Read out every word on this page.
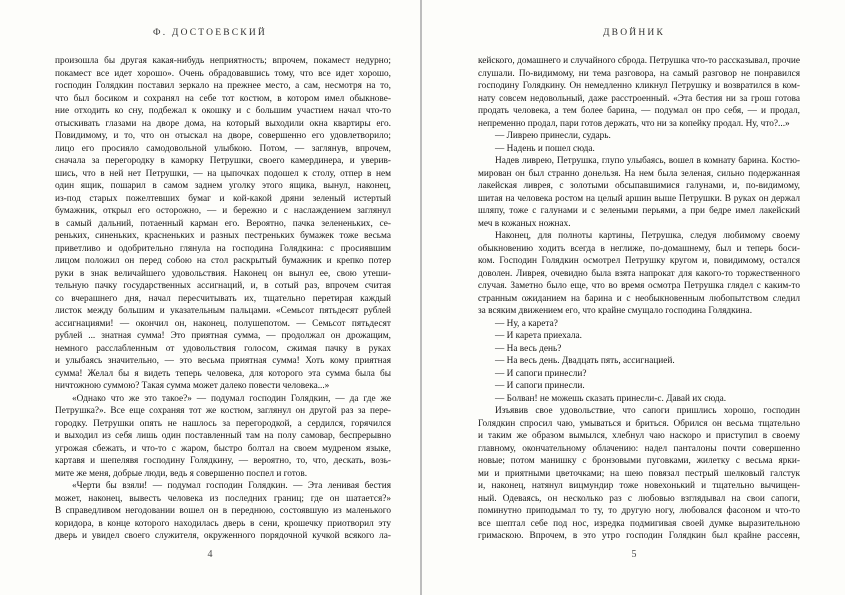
Ф. ДОСТОЕВСКИЙ
произошла бы другая какая-нибудь неприятность; впрочем, покамест недурно;
покамест все идет хорошо». Очень обрадовавшись тому, что все идет хорошо,
господин Голядкин поставил зеркало на прежнее место, а сам, несмотря на то,
что был босиком и сохранял на себе тот костюм, в котором имел обыкнове-
ние отходить ко сну, подбежал к окошку и с большим участием начал что-то
отыскивать глазами на дворе дома, на который выходили окна квартиры его.
Повидимому, и то, что он отыскал на дворе, совершенно его удовлетворило;
лицо его просияло самодовольной улыбкою. Потом, — заглянув, впрочем,
сначала за перегородку в каморку Петрушки, своего камердинера, и уверив-
шись, что в ней нет Петрушки, — на цыпочках подошел к столу, отпер в нем
один ящик, пошарил в самом заднем уголку этого ящика, вынул, наконец,
из-под старых пожелтевших бумаг и кой-какой дряни зеленый истертый
бумажник, открыл его осторожно, — и бережно и с наслаждением заглянул
в самый дальний, потаенный карман его. Вероятно, пачка зелененьких, се-
реньких, синеньких, красненьких и разных пестреньких бумажек тоже весьма
приветливо и одобрительно глянула на господина Голядкина: с просиявшим
лицом положил он перед собою на стол раскрытый бумажник и крепко потер
руки в знак величайшего удовольствия. Наконец он вынул ее, свою утеши-
тельную пачку государственных ассигнаций, и, в сотый раз, впрочем считая
со вчерашнего дня, начал пересчитывать их, тщательно перетирая каждый
листок между большим и указательным пальцами. «Семьсот пятьдесят рублей
ассигнациями! — окончил он, наконец, полушепотом. — Семьсот пятьдесят
рублей ... знатная сумма! Это приятная сумма, — продолжал он дрожащим,
немного расслабленным от удовольствия голосом, сжимая пачку в руках
и улыбаясь значительно, — это весьма приятная сумма! Хоть кому приятная
сумма! Желал бы я видеть теперь человека, для которого эта сумма была бы
ничтожною суммою? Такая сумма может далеко повести человека...»
«Однако что же это такое?» — подумал господин Голядкин, — да где же
Петрушка?». Все еще сохраняя тот же костюм, заглянул он другой раз за пере-
городку. Петрушки опять не нашлось за перегородкой, а сердился, горячился
и выходил из себя лишь один поставленный там на полу самовар, беспрерывно
угрожая сбежать, и что-то с жаром, быстро болтал на своем мудреном языке,
картавя и шепелявя господину Голядкину, — вероятно, то, что, дескать, возь-
мите же меня, добрые люди, ведь я совершенно поспел и готов.
«Черти бы взяли! — подумал господин Голядкин. — Эта ленивая бестия
может, наконец, вывесть человека из последних границ; где он шатается?»
В справедливом негодовании вошел он в переднюю, состоявшую из маленького
коридора, в конце которого находилась дверь в сени, крошечку приотворил эту
дверь и увидел своего служителя, окруженного порядочной кучкой всякого ла-
4
ДВОЙНИК
кейского, домашнего и случайного сброда. Петрушка что-то рассказывал, прочие
слушали. По-видимому, ни тема разговора, на самый разговор не понравился
господину Голядкину. Он немедленно кликнул Петрушку и возвратился в ком-
нату совсем недовольный, даже расстроенный. «Эта бестия ни за грош готова
продать человека, а тем более барина, — подумал он про себя, — и продал,
непременно продал, пари готов держать, что ни за копейку продал. Ну, что?...»
— Ливрею принесли, сударь.
— Надень и пошел сюда.
Надев ливрею, Петрушка, глупо улыбаясь, вошел в комнату барина. Костю-
мирован он был странно донельзя. На нем была зеленая, сильно подержанная
лакейская ливрея, с золотыми обсыпавшимися галунами, и, по-видимому,
шитая на человека ростом на целый аршин выше Петрушки. В руках он держал
шляпу, тоже с галунами и с зелеными перьями, а при бедре имел лакейский
меч в кожаных ножнах.
Наконец, для полноты картины, Петрушка, следуя любимому своему
обыкновению ходить всегда в неглиже, по-домашнему, был и теперь боси-
ком. Господин Голядкин осмотрел Петрушку кругом и, повидимому, остался
доволен. Ливрея, очевидно была взята напрокат для какого-то торжественного
случая. Заметно было еще, что во время осмотра Петрушка глядел с каким-то
странным ожиданием на барина и с необыкновенным любопытством следил
за всяким движением его, что крайне смущало господина Голядкина.
— Ну, а карета?
— И карета приехала.
— На весь день?
— На весь день. Двадцать пять, ассигнацией.
— И сапоги принесли?
— И сапоги принесли.
— Болван! не можешь сказать принесли-с. Давай их сюда.
Изъявив свое удовольствие, что сапоги пришлись хорошо, господин
Голядкин спросил чаю, умываться и бриться. Обрился он весьма тщательно
и таким же образом вымылся, хлебнул чаю наскоро и приступил в своему
главному, окончательному облачению: надел панталоны почти совершенно
новые; потом манишку с бронзовыми пуговками, жилетку с весьма ярки-
ми и приятными цветочками; на шею повязал пестрый шелковый галстук
и, наконец, натянул вицмундир тоже новехонький и тщательно вычищен-
ный. Одеваясь, он несколько раз с любовью взглядывал на свои сапоги,
поминутно приподымал то ту, то другую ногу, любовался фасоном и что-то
все шептал себе под нос, изредка подмигивая своей думке выразительною
гримаскою. Впрочем, в это утро господин Голядкин был крайне рассеян,
5
